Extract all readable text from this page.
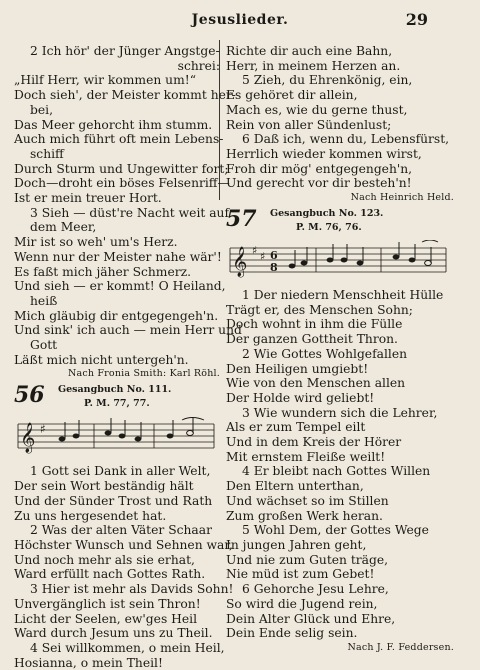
Jesuslieder.	29
2 Ich hör' der Jünger Angstge-
schrei:
„Hilf Herr, wir kommen um!“
Doch sieh', der Meister kommt her-
bei,
Das Meer gehorcht ihm stumm.
Auch mich führt oft mein Lebens-
schiff
Durch Sturm und Ungewitter fort;
Doch—droht ein böses Felsenriff—
Ist er mein treuer Hort.
3 Sieh — düst're Nacht weit auf
dem Meer,
Mir ist so weh' um's Herz.
Wenn nur der Meister nahe wär'!
Es faßt mich jäher Schmerz.
Und sieh — er kommt! O Heiland,
heiß
Mich gläubig dir entgegengeh'n.
Und sink' ich auch — mein Herr und
Gott
Läßt mich nicht untergeh'n.
Nach Fronia Smith: Karl Röhl.
56 Gesangbuch No. 111.
P. M. 77, 77.
𝄞 ♯
1 Gott sei Dank in aller Welt,
Der sein Wort beständig hält
Und der Sünder Trost und Rath
Zu uns hergesendet hat.
2 Was der alten Väter Schaar
Höchster Wunsch und Sehnen war,
Und noch mehr als sie erhat,
Ward erfüllt nach Gottes Rath.
3 Hier ist mehr als Davids Sohn!
Unvergänglich ist sein Thron!
Licht der Seelen, ew'ges Heil
Ward durch Jesum uns zu Theil.
4 Sei willkommen, o mein Heil,
Hosianna, o mein Theil!
Richte dir auch eine Bahn,
Herr, in meinem Herzen an.
5 Zieh, du Ehrenkönig, ein,
Es gehöret dir allein,
Mach es, wie du gerne thust,
Rein von aller Sündenlust;
6 Daß ich, wenn du, Lebensfürst,
Herrlich wieder kommen wirst,
Froh dir mög' entgegengeh'n,
Und gerecht vor dir besteh'n!
Nach Heinrich Held.
57 Gesangbuch No. 123.
P. M. 76, 76.
𝄞 ♯ ♯ 6
8
1 Der niedern Menschheit Hülle
Trägt er, des Menschen Sohn;
Doch wohnt in ihm die Fülle
Der ganzen Gottheit Thron.
2 Wie Gottes Wohlgefallen
Den Heiligen umgiebt!
Wie von den Menschen allen
Der Holde wird geliebt!
3 Wie wundern sich die Lehrer,
Als er zum Tempel eilt
Und in dem Kreis der Hörer
Mit ernstem Fleiße weilt!
4 Er bleibt nach Gottes Willen
Den Eltern unterthan,
Und wächset so im Stillen
Zum großen Werk heran.
5 Wohl Dem, der Gottes Wege
In jungen Jahren geht,
Und nie zum Guten träge,
Nie müd ist zum Gebet!
6 Gehorche Jesu Lehre,
So wird die Jugend rein,
Dein Alter Glück und Ehre,
Dein Ende selig sein.
Nach J. F. Feddersen.
